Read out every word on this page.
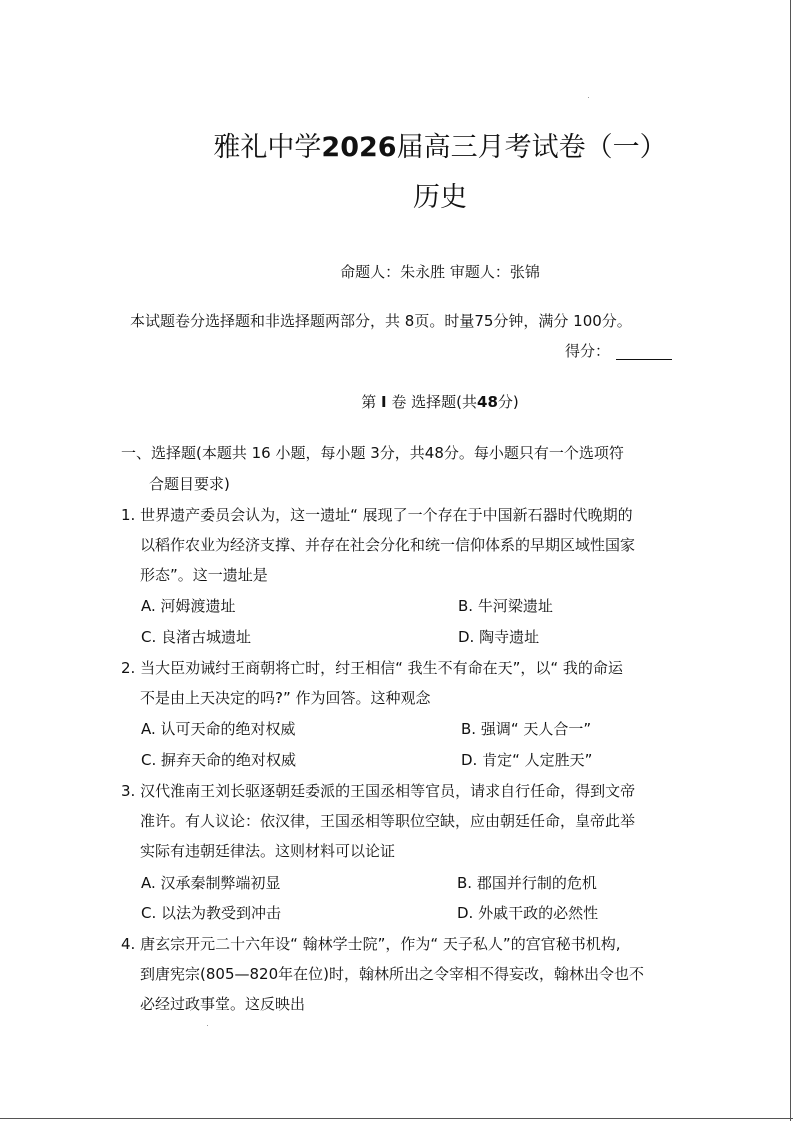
雅礼中学2026届高三月考试卷（一）
历史
命题人：朱永胜 审题人：张锦
本试题卷分选择题和非选择题两部分，共 8页。时量75分钟，满分 100分。
得分：
第 I 卷 选择题(共48分)
一、选择题(本题共 16 小题，每小题 3分，共48分。每小题只有一个选项符
合题目要求)
1. 世界遗产委员会认为，这一遗址“ 展现了一个存在于中国新石器时代晚期的
以稻作农业为经济支撑、并存在社会分化和统一信仰体系的早期区域性国家
形态”。这一遗址是
A. 河姆渡遗址	B. 牛河梁遗址
C. 良渚古城遗址	D. 陶寺遗址
2. 当大臣劝诫纣王商朝将亡时，纣王相信“ 我生不有命在天”，以“ 我的命运
不是由上天决定的吗?” 作为回答。这种观念
A. 认可天命的绝对权威	B. 强调“ 天人合一”
C. 摒弃天命的绝对权威	D. 肯定“ 人定胜天”
3. 汉代淮南王刘长驱逐朝廷委派的王国丞相等官员，请求自行任命，得到文帝
准许。有人议论：依汉律，王国丞相等职位空缺，应由朝廷任命，皇帝此举
实际有违朝廷律法。这则材料可以论证
A. 汉承秦制弊端初显	B. 郡国并行制的危机
C. 以法为教受到冲击	D. 外戚干政的必然性
4. 唐玄宗开元二十六年设“ 翰林学士院”，作为“ 天子私人”的宫官秘书机构,
到唐宪宗(805—820年在位)时，翰林所出之令宰相不得妄改，翰林出令也不
必经过政事堂。这反映出
